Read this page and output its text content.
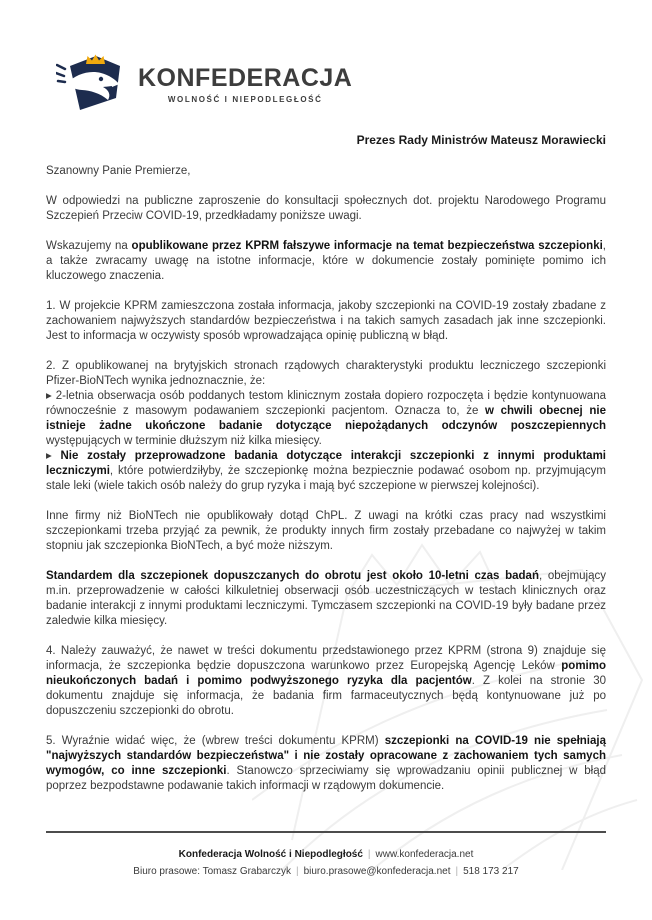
KONFEDERACJA
WOLNOŚĆ I NIEPODLEGŁOŚĆ
Prezes Rady Ministrów Mateusz Morawiecki

Szanowny Panie Premierze,

W odpowiedzi na publiczne zaproszenie do konsultacji społecznych dot. projektu Narodowego Programu Szczepień Przeciw COVID-19, przedkładamy poniższe uwagi.

Wskazujemy na opublikowane przez KPRM fałszywe informacje na temat bezpieczeństwa szczepionki, a także zwracamy uwagę na istotne informacje, które w dokumencie zostały pominięte pomimo ich kluczowego znaczenia.

1. W projekcie KPRM zamieszczona została informacja, jakoby szczepionki na COVID-19 zostały zbadane z zachowaniem najwyższych standardów bezpieczeństwa i na takich samych zasadach jak inne szczepionki. Jest to informacja w oczywisty sposób wprowadzająca opinię publiczną w błąd.

2. Z opublikowanej na brytyjskich stronach rządowych charakterystyki produktu leczniczego szczepionki Pfizer-BioNTech wynika jednoznacznie, że:

▸ 2-letnia obserwacja osób poddanych testom klinicznym została dopiero rozpoczęta i będzie kontynuowana równocześnie z masowym podawaniem szczepionki pacjentom. Oznacza to, że w chwili obecnej nie istnieje żadne ukończone badanie dotyczące niepożądanych odczynów poszczepiennych występujących w terminie dłuższym niż kilka miesięcy.

▸ Nie zostały przeprowadzone badania dotyczące interakcji szczepionki z innymi produktami leczniczymi, które potwierdziłyby, że szczepionkę można bezpiecznie podawać osobom np. przyjmującym stale leki (wiele takich osób należy do grup ryzyka i mają być szczepione w pierwszej kolejności).

Inne firmy niż BioNTech nie opublikowały dotąd ChPL. Z uwagi na krótki czas pracy nad wszystkimi szczepionkami trzeba przyjąć za pewnik, że produkty innych firm zostały przebadane co najwyżej w takim stopniu jak szczepionka BioNTech, a być może niższym.

Standardem dla szczepionek dopuszczanych do obrotu jest około 10-letni czas badań, obejmujący m.in. przeprowadzenie w całości kilkuletniej obserwacji osób uczestniczących w testach klinicznych oraz badanie interakcji z innymi produktami leczniczymi. Tymczasem szczepionki na COVID-19 były badane przez zaledwie kilka miesięcy.

4. Należy zauważyć, że nawet w treści dokumentu przedstawionego przez KPRM (strona 9) znajduje się informacja, że szczepionka będzie dopuszczona warunkowo przez Europejską Agencję Leków pomimo nieukończonych badań i pomimo podwyższonego ryzyka dla pacjentów. Z kolei na stronie 30 dokumentu znajduje się informacja, że badania firm farmaceutycznych będą kontynuowane już po dopuszczeniu szczepionki do obrotu.

5. Wyraźnie widać więc, że (wbrew treści dokumentu KPRM) szczepionki na COVID-19 nie spełniają "najwyższych standardów bezpieczeństwa" i nie zostały opracowane z zachowaniem tych samych wymogów, co inne szczepionki. Stanowczo sprzeciwiamy się wprowadzaniu opinii publicznej w błąd poprzez bezpodstawne podawanie takich informacji w rządowym dokumencie.

Konfederacja Wolność i Niepodległość | www.konfederacja.net
Biuro prasowe: Tomasz Grabarczyk | biuro.prasowe@konfederacja.net | 518 173 217
